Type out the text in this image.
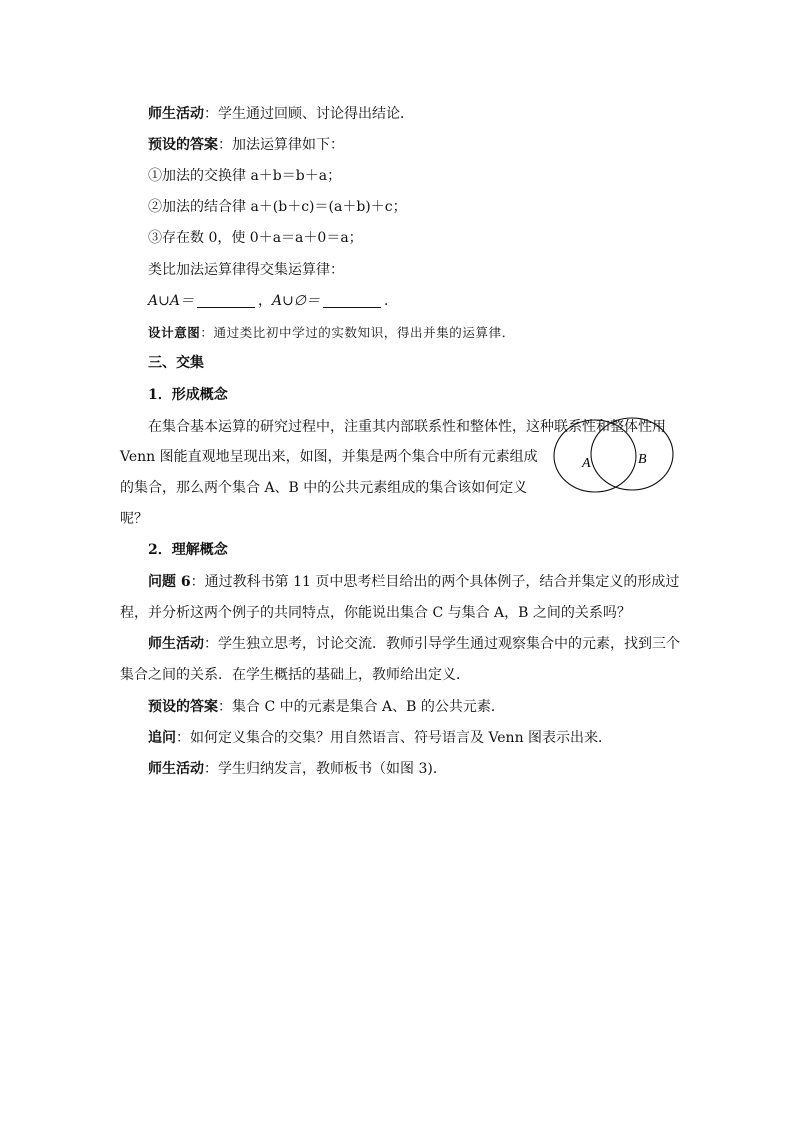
师生活动：学生通过回顾、讨论得出结论．
预设的答案：加法运算律如下：
①加法的交换律 a＋b＝b＋a；
②加法的结合律 a＋(b＋c)＝(a＋b)＋c；
③存在数 0，使 0＋a＝a＋0＝a；
类比加法运算律得交集运算律：
A∪A＝	，A∪∅＝	．
设计意图：通过类比初中学过的实数知识，得出并集的运算律．
三、交集
1．形成概念
在集合基本运算的研究过程中，注重其内部联系性和整体性，这种联系性和整体性用
Venn 图能直观地呈现出来，如图，并集是两个集合中所有元素组成
的集合，那么两个集合 A、B 中的公共元素组成的集合该如何定义
呢？
A	B
2．理解概念
问题 6：通过教科书第 11 页中思考栏目给出的两个具体例子，结合并集定义的形成过
程，并分析这两个例子的共同特点，你能说出集合 C 与集合 A，B 之间的关系吗？
师生活动：学生独立思考，讨论交流．教师引导学生通过观察集合中的元素，找到三个
集合之间的关系．在学生概括的基础上，教师给出定义．
预设的答案：集合 C 中的元素是集合 A、B 的公共元素．
追问：如何定义集合的交集？用自然语言、符号语言及 Venn 图表示出来．
师生活动：学生归纳发言，教师板书（如图 3)．
